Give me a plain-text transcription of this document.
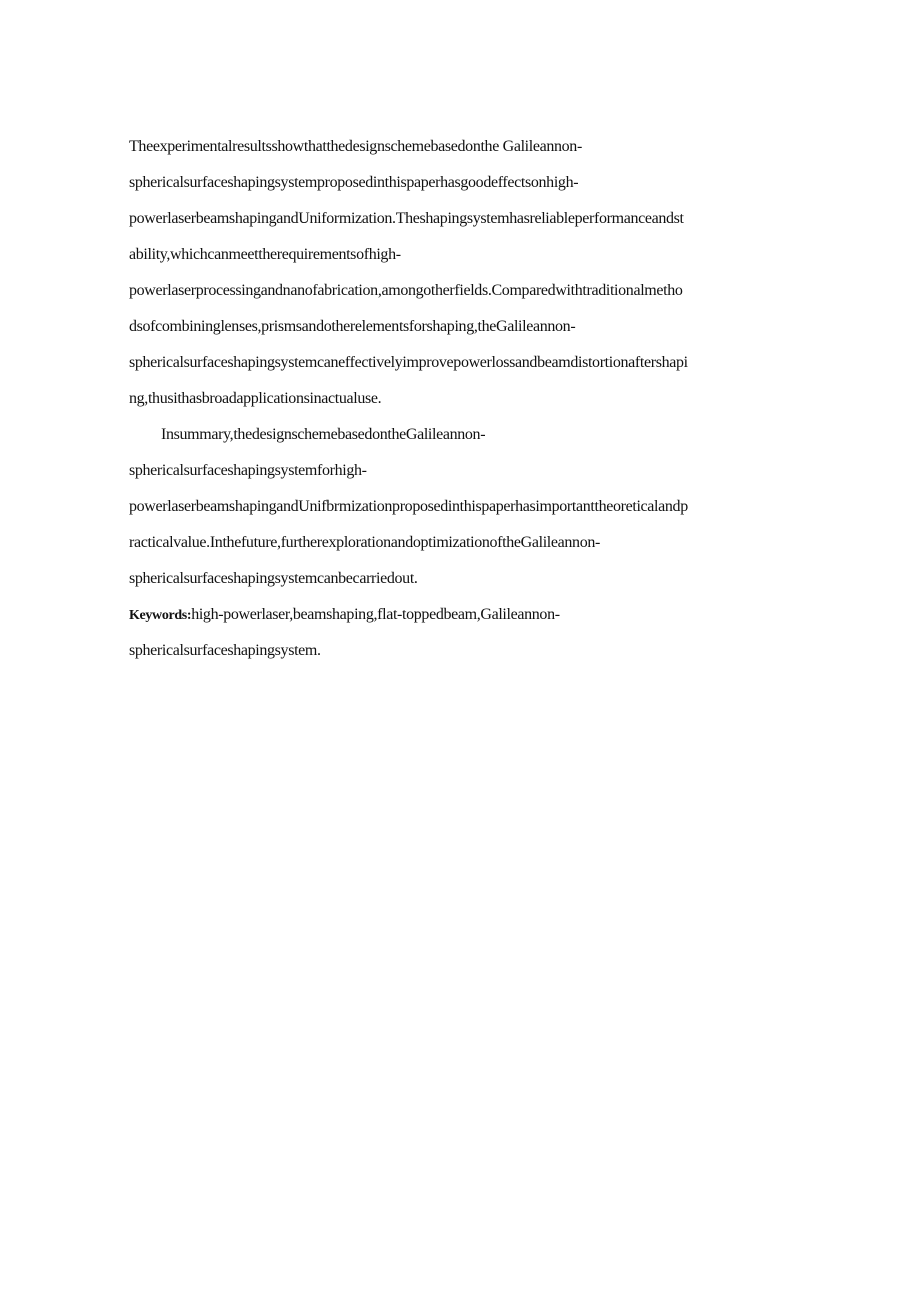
Theexperimentalresultsshowthatthedesignschemebasedonthe Galileannon-
sphericalsurfaceshapingsystemproposedinthispaperhasgoodeffectsonhigh-
powerlaserbeamshapingandUniformization.Theshapingsystemhasreliableperformanceandst
ability,whichcanmeettherequirementsofhigh-
powerlaserprocessingandnanofabrication,amongotherfields.Comparedwithtraditionalmetho
dsofcombininglenses,prismsandotherelementsforshaping,theGalileannon-
sphericalsurfaceshapingsystemcaneffectivelyimprovepowerlossandbeamdistortionaftershapi
ng,thusithasbroadapplicationsinactualuse.
Insummary,thedesignschemebasedontheGalileannon-
sphericalsurfaceshapingsystemforhigh-
powerlaserbeamshapingandUnifbrmizationproposedinthispaperhasimportanttheoreticalandp
racticalvalue.Inthefuture,furtherexplorationandoptimizationoftheGalileannon-
sphericalsurfaceshapingsystemcanbecarriedout.
Keywords:high-powerlaser,beamshaping,flat-toppedbeam,Galileannon-
sphericalsurfaceshapingsystem.
